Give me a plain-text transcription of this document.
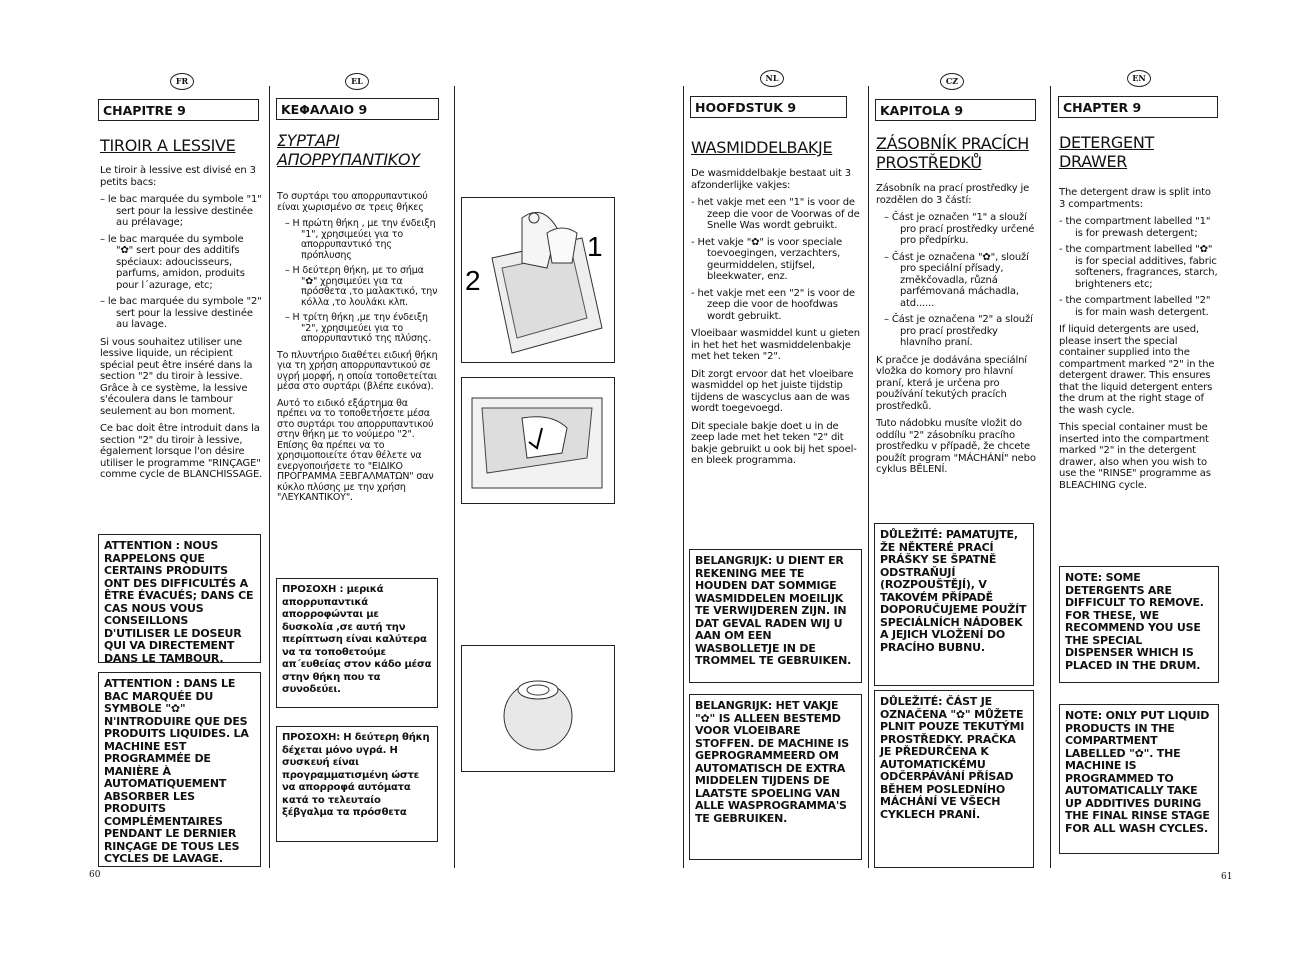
FR
CHAPITRE 9
TIROIR A LESSIVE

Le tiroir à lessive est divisé en 3 petits bacs:

– le bac marquée du symbole "1" sert pour la lessive destinée au prélavage;
– le bac marquée du symbole "✿" sert pour des additifs spéciaux: adoucisseurs, parfums, amidon, produits pour l´azurage, etc;
– le bac marquée du symbole "2" sert pour la lessive destinée au lavage.

Si vous souhaitez utiliser une lessive liquide, un récipient spécial peut être inséré dans la section "2" du tiroir à lessive. Grâce à ce système, la lessive s'écoulera dans le tambour seulement au bon moment.

Ce bac doit être introduit dans la section "2" du tiroir à lessive, également lorsque l'on désire utiliser le programme "RINÇAGE" comme cycle de BLANCHISSAGE.

ATTENTION : NOUS RAPPELONS QUE CERTAINS PRODUITS ONT DES DIFFICULTÉS A ÊTRE ÉVACUÉS; DANS CE CAS NOUS VOUS CONSEILLONS D'UTILISER LE DOSEUR QUI VA DIRECTEMENT DANS LE TAMBOUR.
ATTENTION : DANS LE BAC MARQUÉE DU SYMBOLE "✿" N'INTRODUIRE QUE DES PRODUITS LIQUIDES. LA MACHINE EST PROGRAMMÉE DE MANIÈRE À AUTOMATIQUEMENT ABSORBER LES PRODUITS COMPLÉMENTAIRES PENDANT LE DERNIER RINÇAGE DE TOUS LES CYCLES DE LAVAGE.
EL
ΚΕΦΑΛΑΙΟ 9
ΣΥΡΤΑΡΙ ΑΠΟΡΡΥΠΑΝΤΙΚΟΥ

Το συρτάρι του απορρυπαντικού είναι χωρισμένο σε τρεις θήκες

– Η πρώτη θήκη , με την ένδειξη "1", χρησιμεύει για το απορρυπαντικό της πρόπλυσης
– Η δεύτερη θήκη, με το σήμα "✿" χρησιμεύει για τα πρόσθετα ,το μαλακτικό, την κόλλα ,το λουλάκι κλπ.
– Η τρίτη θήκη ,με την ένδειξη "2", χρησιμεύει για το απορρυπαντικό της πλύσης.

Το πλυντήριο διαθέτει ειδική θήκη για τη χρήση απορρυπαντικού σε υγρή μορφή, η οποία τοποθετείται μέσα στο συρτάρι (βλέπε εικόνα).

Αυτό το ειδικό εξάρτημα θα πρέπει να το τοποθετήσετε μέσα στο συρτάρι του απορρυπαντικού στην θήκη με το νούμερο "2". Επίσης θα πρέπει να το χρησιμοποιείτε όταν θέλετε να ενεργοποιήσετε το "ΕΙΔΙΚΟ ΠΡΟΓΡΑΜΜΑ ΞΕΒΓΑΛΜΑΤΩΝ" σαν κύκλο πλύσης με την χρήση "ΛΕΥΚΑΝΤΙΚΟΥ".

ΠΡΟΣΟΧΗ : μερικά απορρυπαντικά απορροφώνται με δυσκολία ,σε αυτή την περίπτωση είναι καλύτερα να τα τοποθετούμε απ΄ευθείας στον κάδο μέσα στην θήκη που τα συνοδεύει.
ΠΡΟΣΟΧΗ: Η δεύτερη θήκη δέχεται μόνο υγρά. Η συσκευή είναι προγραμματισμένη ώστε να απορροφά αυτόματα κατά το τελευταίο ξέβγαλμα τα πρόσθετα
1
2
NL
HOOFDSTUK 9
WASMIDDELBAKJE

De wasmiddelbakje bestaat uit 3 afzonderlijke vakjes:

- het vakje met een "1" is voor de zeep die voor de Voorwas of de Snelle Was wordt gebruikt.
- Het vakje "✿" is voor speciale toevoegingen, verzachters, geurmiddelen, stijfsel, bleekwater, enz.
- het vakje met een "2" is voor de zeep die voor de hoofdwas wordt gebruikt.

Vloeibaar wasmiddel kunt u gieten in het het het wasmiddelenbakje met het teken "2".

Dit zorgt ervoor dat het vloeibare wasmiddel op het juiste tijdstip tijdens de wascyclus aan de was wordt toegevoegd.

Dit speciale bakje doet u in de zeep lade met het teken "2" dit bakje gebruikt u ook bij het spoel- en bleek programma.

BELANGRIJK: U DIENT ER REKENING MEE TE HOUDEN DAT SOMMIGE WASMIDDELEN MOEILIJK TE VERWIJDEREN ZIJN. IN DAT GEVAL RADEN WIJ U AAN OM EEN WASBOLLETJE IN DE TROMMEL TE GEBRUIKEN.
BELANGRIJK: HET VAKJE "✿" IS ALLEEN BESTEMD VOOR VLOEIBARE STOFFEN. DE MACHINE IS GEPROGRAMMEERD OM AUTOMATISCH DE EXTRA MIDDELEN TIJDENS DE LAATSTE SPOELING VAN ALLE WASPROGRAMMA'S TE GEBRUIKEN.
CZ
KAPITOLA 9
ZÁSOBNÍK PRACÍCH PROSTŘEDKŮ

Zásobník na prací prostředky je rozdělen do 3 částí:

– Část je označen "1" a slouží pro prací prostředky určené pro předpírku.
– Část je označena "✿", slouží pro speciální přísady, změkčovadla, různá parfémovaná máchadla, atd......
– Část je označena "2" a slouží pro prací prostředky hlavního praní.

K pračce je dodávána speciální vložka do komory pro hlavní praní, která je určena pro používání tekutých pracích prostředků.

Tuto nádobku musíte vložit do oddílu "2" zásobníku pracího prostředku v případě, že chcete použít program "MÁCHÁNÍ" nebo cyklus BĚLENÍ.

DŮLEŽITÉ: PAMATUJTE, ŽE NĚKTERÉ PRACÍ PRÁŠKY SE ŠPATNĚ ODSTRAŇUJÍ (ROZPOUŠTĚJÍ), V TAKOVÉM PŘÍPADĚ DOPORUČUJEME POUŽÍT SPECIÁLNÍCH NÁDOBEK A JEJICH VLOŽENÍ DO PRACÍHO BUBNU.
DŮLEŽITÉ: ČÁST JE OZNAČENA "✿" MŮŽETE PLNIT POUZE TEKUTÝMI PROSTŘEDKY. PRAČKA JE PŘEDURČENA K AUTOMATICKÉMU ODČERPÁVÁNÍ PŘÍSAD BĚHEM POSLEDNÍHO MÁCHÁNÍ VE VŠECH CYKLECH PRANÍ.
EN
CHAPTER 9
DETERGENT DRAWER

The detergent draw is split into 3 compartments:

- the compartment labelled "1" is for prewash detergent;
- the compartment labelled "✿" is for special additives, fabric softeners, fragrances, starch, brighteners etc;
- the compartment labelled "2" is for main wash detergent.

If liquid detergents are used, please insert the special container supplied into the compartment marked "2" in the detergent drawer. This ensures that the liquid detergent enters the drum at the right stage of the wash cycle.

This special container must be inserted into the compartment marked "2" in the detergent drawer, also when you wish to use the "RINSE" programme as BLEACHING cycle.

NOTE: SOME DETERGENTS ARE DIFFICULT TO REMOVE. FOR THESE, WE RECOMMEND YOU USE THE SPECIAL DISPENSER WHICH IS PLACED IN THE DRUM.
NOTE: ONLY PUT LIQUID PRODUCTS IN THE COMPARTMENT LABELLED "✿". THE MACHINE IS PROGRAMMED TO AUTOMATICALLY TAKE UP ADDITIVES DURING THE FINAL RINSE STAGE FOR ALL WASH CYCLES.
60	61
